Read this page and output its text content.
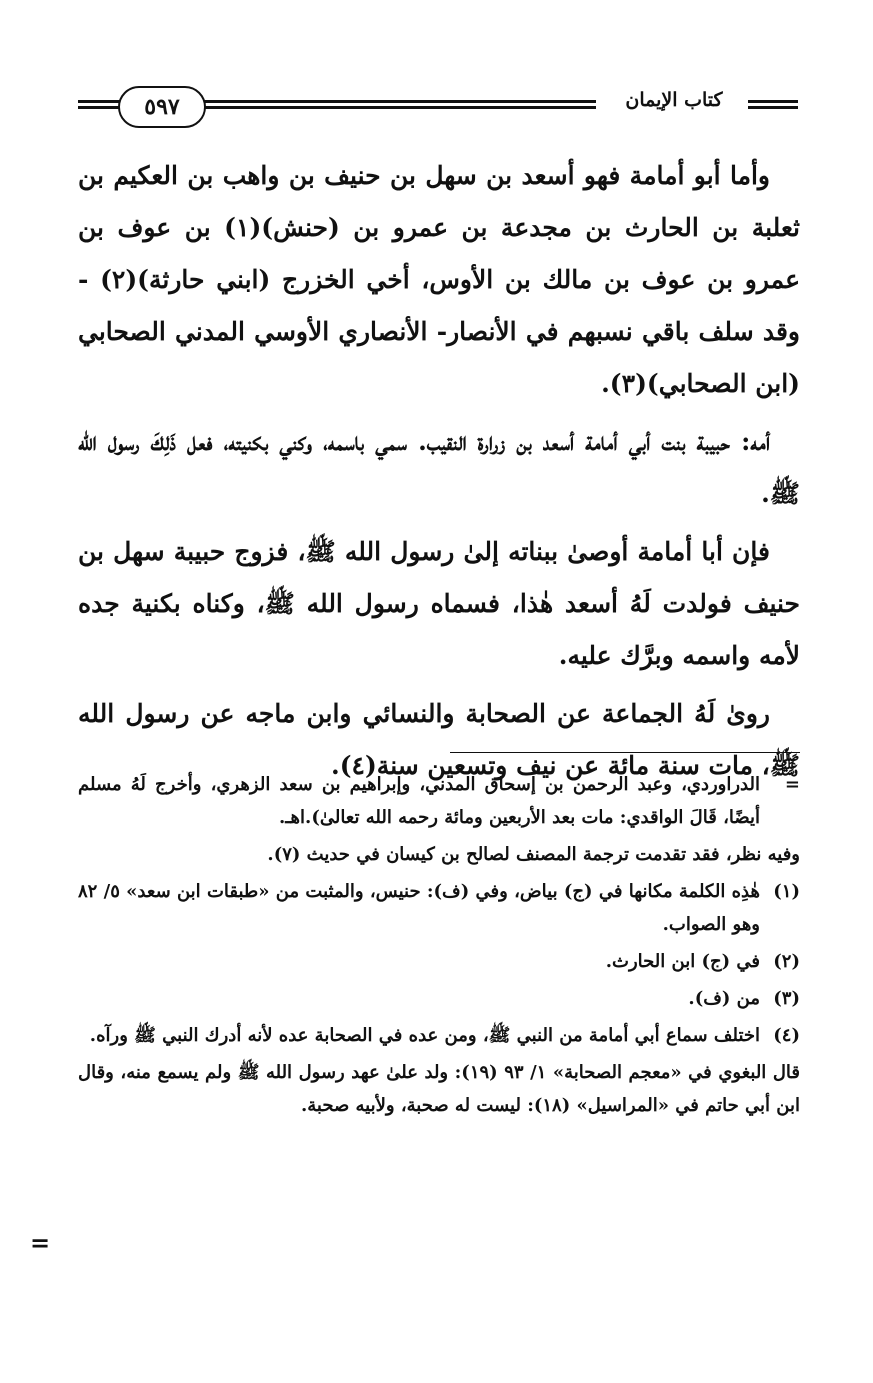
٥٩٧	كتاب الإيمان

وأما أبو أمامة فهو أسعد بن سهل بن حنيف بن واهب بن العكيم بن ثعلبة بن الحارث بن مجدعة بن عمرو بن (حنش)(١) بن عوف بن عمرو بن عوف بن مالك بن الأوس، أخي الخزرج (ابني حارثة)(٢) - وقد سلف باقي نسبهم في الأنصار- الأنصاري الأوسي المدني الصحابي (ابن الصحابي)(٣).

أمه: حبيبة بنت أبي أمامة أسعد بن زرارة النقيب. سمي باسمه، وكني بكنيته، فعل ذَلِكَ رسول الله ﷺ.

فإن أبا أمامة أوصىٰ ببناته إلىٰ رسول الله ﷺ، فزوج حبيبة سهل بن حنيف فولدت لَهُ أسعد هٰذا، فسماه رسول الله ﷺ، وكناه بكنية جده لأمه واسمه وبرَّك عليه.

روىٰ لَهُ الجماعة عن الصحابة والنسائي وابن ماجه عن رسول الله ﷺ، مات سنة مائة عن نيف وتسعين سنة(٤).

=
الدراوردي، وعبد الرحمن بن إسحاق المدني، وإبراهيم بن سعد الزهري، وأخرج لَهُ مسلم أيضًا، قَالَ الواقدي: مات بعد الأربعين ومائة رحمه الله تعالىٰ).اهـ.
وفيه نظر، فقد تقدمت ترجمة المصنف لصالح بن كيسان في حديث (٧).
(١)
هٰذِه الكلمة مكانها في (ج) بياض، وفي (ف): حنيس، والمثبت من «طبقات ابن سعد» ٥/ ٨٢ وهو الصواب.
(٢)
في (ج) ابن الحارث.
(٣)
من (ف).
(٤)
اختلف سماع أبي أمامة من النبي ﷺ، ومن عده في الصحابة عده لأنه أدرك النبي ﷺ ورآه.
قال البغوي في «معجم الصحابة» ١/ ٩٣ (١٩): ولد علىٰ عهد رسول الله ﷺ ولم يسمع منه، وقال ابن أبي حاتم في «المراسيل» (١٨): ليست له صحبة، ولأبيه صحبة.
=
